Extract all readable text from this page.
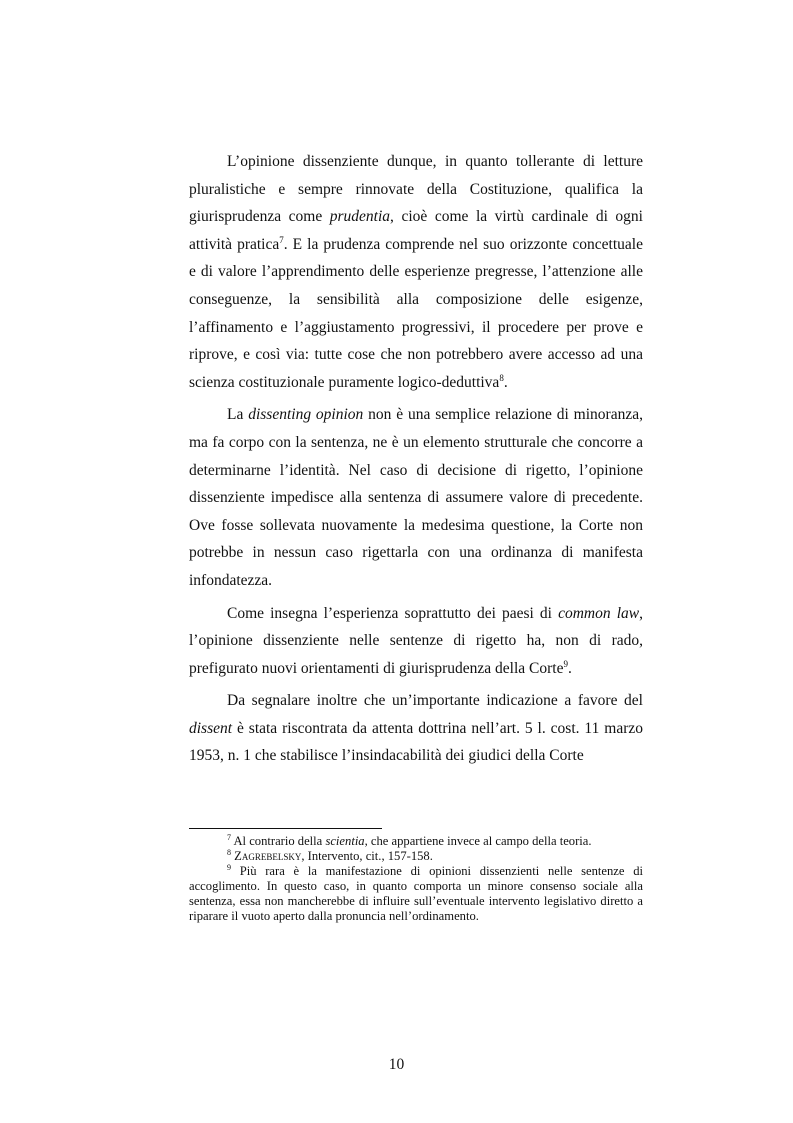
L’opinione dissenziente dunque, in quanto tollerante di letture pluralistiche e sempre rinnovate della Costituzione, qualifica la giurisprudenza come prudentia, cioè come la virtù cardinale di ogni attività pratica$^7$. E la prudenza comprende nel suo orizzonte concettuale e di valore l’apprendimento delle esperienze pregresse, l’attenzione alle conseguenze, la sensibilità alla composizione delle esigenze, l’affinamento e l’aggiustamento progressivi, il procedere per prove e riprove, e così via: tutte cose che non potrebbero avere accesso ad una scienza costituzionale puramente logico-deduttiva$^8$.

La dissenting opinion non è una semplice relazione di minoranza, ma fa corpo con la sentenza, ne è un elemento strutturale che concorre a determinarne l’identità. Nel caso di decisione di rigetto, l’opinione dissenziente impedisce alla sentenza di assumere valore di precedente. Ove fosse sollevata nuovamente la medesima questione, la Corte non potrebbe in nessun caso rigettarla con una ordinanza di manifesta infondatezza.

Come insegna l’esperienza soprattutto dei paesi di common law, l’opinione dissenziente nelle sentenze di rigetto ha, non di rado, prefigurato nuovi orientamenti di giurisprudenza della Corte$^9$.

Da segnalare inoltre che un’importante indicazione a favore del dissent è stata riscontrata da attenta dottrina nell’art. 5 l. cost. 11 marzo 1953, n. 1 che stabilisce l’insindacabilità dei giudici della Corte

$^7$ Al contrario della scientia, che appartiene invece al campo della teoria.

$^8$ Zagrebelsky, Intervento, cit., 157-158.

$^9$ Più rara è la manifestazione di opinioni dissenzienti nelle sentenze di accoglimento. In questo caso, in quanto comporta un minore consenso sociale alla sentenza, essa non mancherebbe di influire sull’eventuale intervento legislativo diretto a riparare il vuoto aperto dalla pronuncia nell’ordinamento.

10
